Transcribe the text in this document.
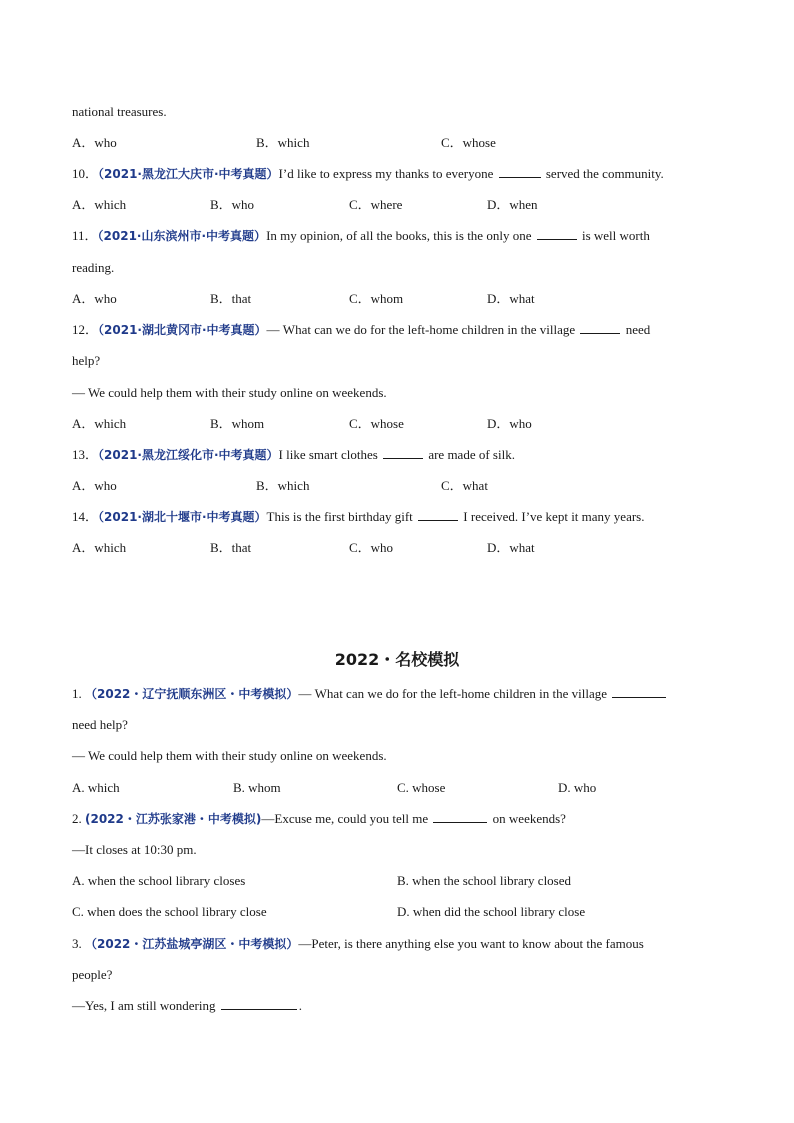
national treasures.
A．who	B．which	C．whose
10．（2021·黑龙江大庆市·中考真题）I’d like to express my thanks to everyone	served the community.
A．which	B．who	C．where	D．when
11．（2021·山东滨州市·中考真题）In my opinion, of all the books, this is the only one	is well worth
reading.
A．who	B．that	C．whom	D．what
12．（2021·湖北黄冈市·中考真题）— What can we do for the left-home children in the village	need
help?
— We could help them with their study online on weekends.
A．which	B．whom	C．whose	D．who
13．（2021·黑龙江绥化市·中考真题）I like smart clothes	are made of silk.
A．who	B．which	C．what
14．（2021·湖北十堰市·中考真题）This is the first birthday gift	I received. I’ve kept it many years.
A．which	B．that	C．who	D．what
2022・名校模拟
1. （2022・辽宁抚顺东洲区・中考模拟）— What can we do for the left-home children in the village
need help?
— We could help them with their study online on weekends.
A. which	B. whom	C. whose	D. who
2. (2022・江苏张家港・中考模拟)—Excuse me, could you tell me	on weekends?
—It closes at 10:30 pm.
A. when the school library closes	B. when the school library closed
C. when does the school library close	D. when did the school library close
3. （2022・江苏盐城亭湖区・中考模拟）—Peter, is there anything else you want to know about the famous
people?
—Yes, I am still wondering	.
